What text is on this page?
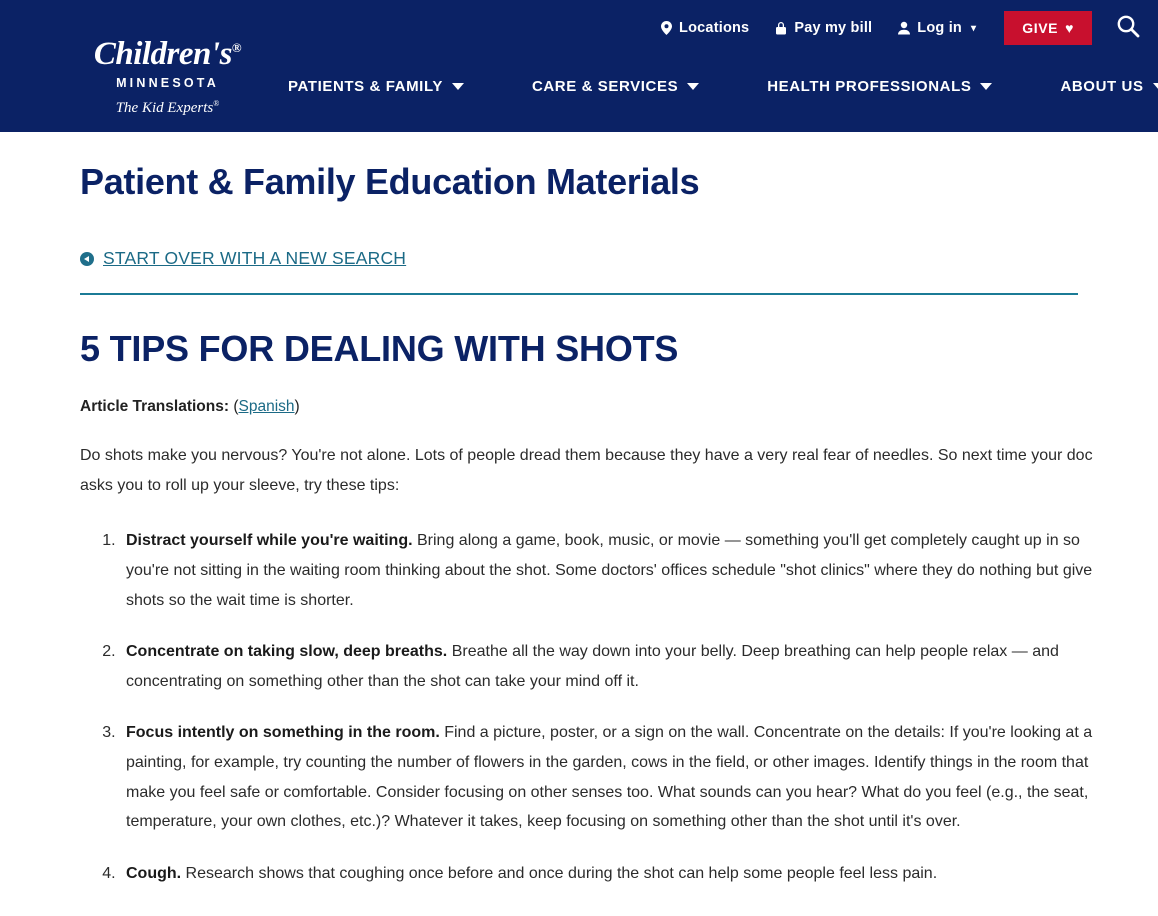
Locations	Pay my bill	Log in ▾	GIVE ♥
Children's®
MINNESOTA
The Kid Experts®
PATIENTS & FAMILY	CARE & SERVICES	HEALTH PROFESSIONALS	ABOUT US
Patient & Family Education Materials
START OVER WITH A NEW SEARCH
5 TIPS FOR DEALING WITH SHOTS
Article Translations: (Spanish)

Do shots make you nervous? You're not alone. Lots of people dread them because they have a very real fear of needles. So next time your doc asks you to roll up your sleeve, try these tips:

1. Distract yourself while you're waiting. Bring along a game, book, music, or movie — something you'll get completely caught up in so you're not sitting in the waiting room thinking about the shot. Some doctors' offices schedule "shot clinics" where they do nothing but give shots so the wait time is shorter.
2. Concentrate on taking slow, deep breaths. Breathe all the way down into your belly. Deep breathing can help people relax — and concentrating on something other than the shot can take your mind off it.
3. Focus intently on something in the room. Find a picture, poster, or a sign on the wall. Concentrate on the details: If you're looking at a painting, for example, try counting the number of flowers in the garden, cows in the field, or other images. Identify things in the room that make you feel safe or comfortable. Consider focusing on other senses too. What sounds can you hear? What do you feel (e.g., the seat, temperature, your own clothes, etc.)? Whatever it takes, keep focusing on something other than the shot until it's over.
4. Cough. Research shows that coughing once before and once during the shot can help some people feel less pain.
